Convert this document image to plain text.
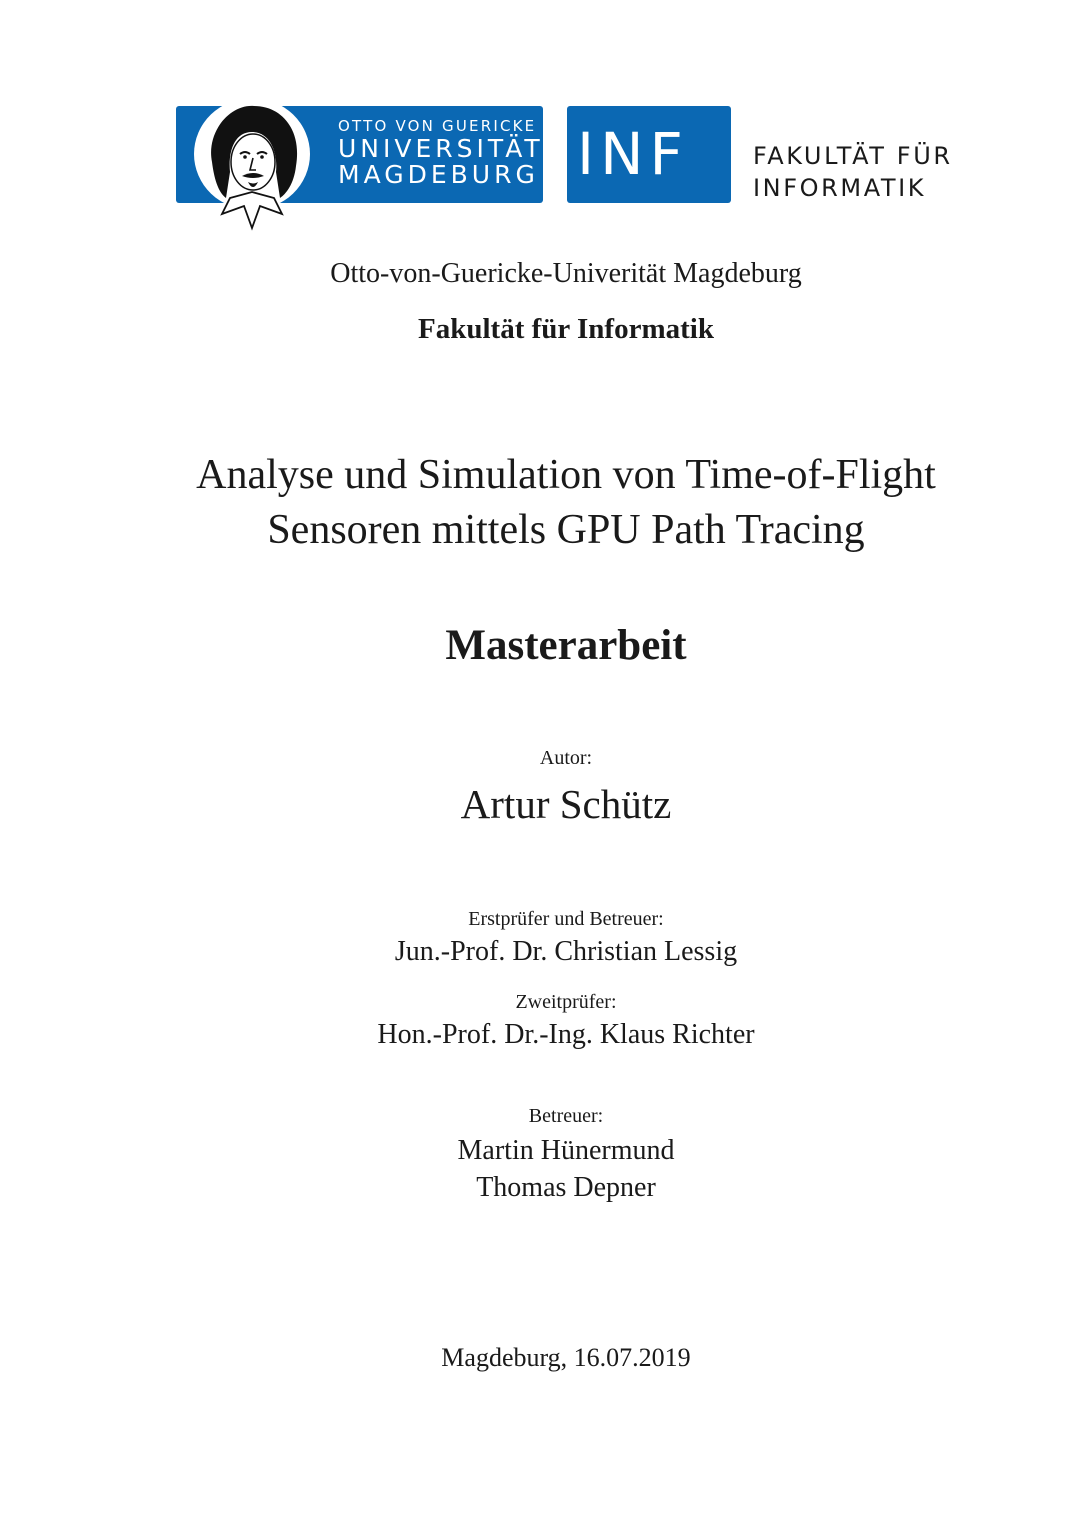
OTTO VON GUERICKE
UNIVERSITÄT
MAGDEBURG INF	FAKULTÄT FÜR
INFORMATIK
Otto-von-Guericke-Univerität Magdeburg
Fakultät für Informatik
Analyse und Simulation von Time-of-Flight
Sensoren mittels GPU Path Tracing
Masterarbeit
Autor:
Artur Schütz
Erstprüfer und Betreuer:
Jun.-Prof. Dr. Christian Lessig
Zweitprüfer:
Hon.-Prof. Dr.-Ing. Klaus Richter
Betreuer:
Martin Hünermund
Thomas Depner
Magdeburg, 16.07.2019
